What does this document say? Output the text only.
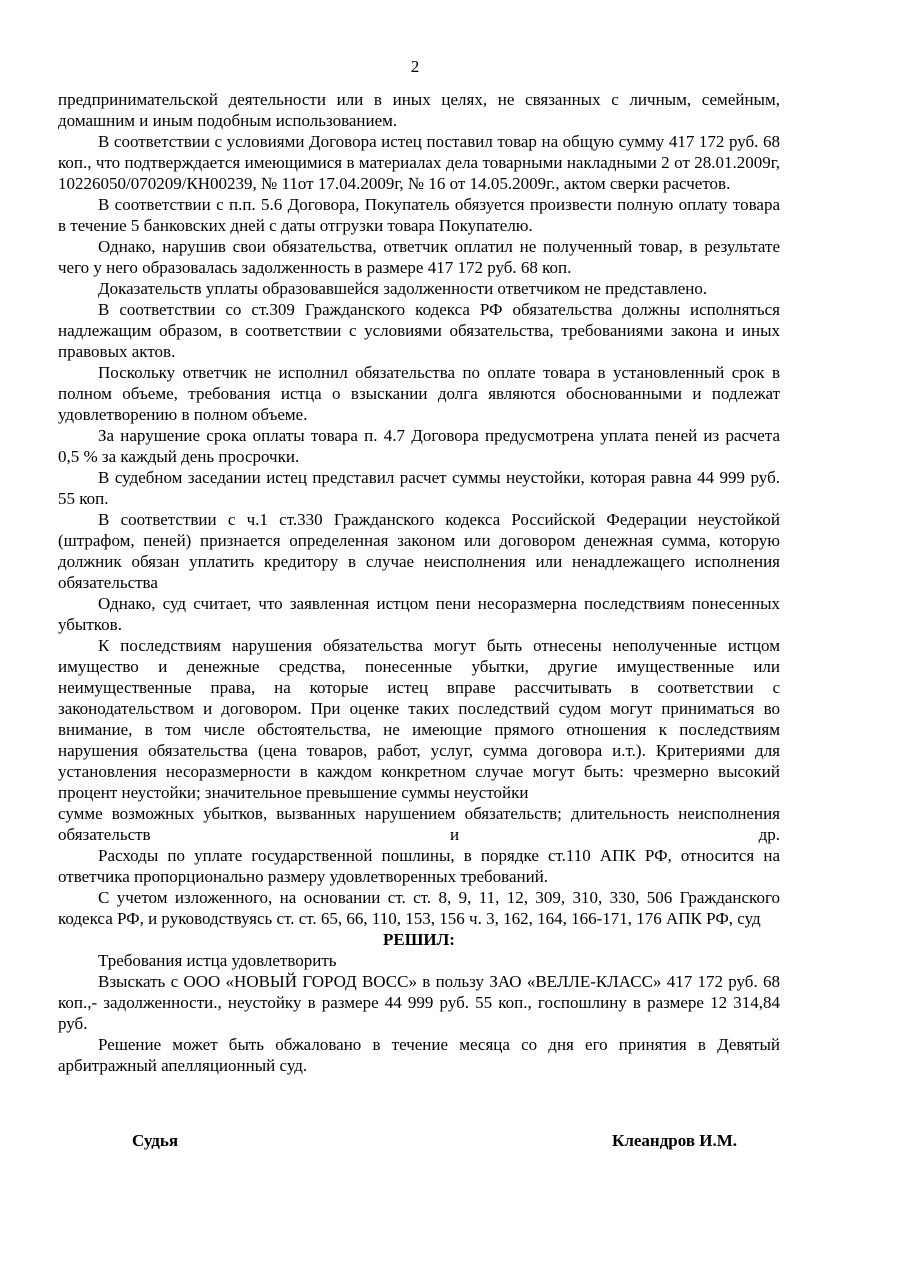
2

предпринимательской деятельности или в иных целях, не связанных с личным, семейным, домашним и иным подобным использованием.

В соответствии с условиями Договора истец поставил товар на общую сумму 417 172 руб. 68 коп., что подтверждается имеющимися в материалах дела товарными накладными 2 от 28.01.2009г, 10226050/070209/КН00239, № 11от 17.04.2009г, № 16 от 14.05.2009г., актом сверки расчетов.

В соответствии с п.п. 5.6 Договора, Покупатель обязуется произвести полную оплату товара в течение 5 банковских дней с даты отгрузки товара Покупателю.

Однако, нарушив свои обязательства, ответчик оплатил не полученный товар, в результате чего у него образовалась задолженность в размере 417 172 руб. 68 коп.

Доказательств уплаты образовавшейся задолженности ответчиком не представлено.

В соответствии со ст.309 Гражданского кодекса РФ обязательства должны исполняться надлежащим образом, в соответствии с условиями обязательства, требованиями закона и иных правовых актов.

Поскольку ответчик не исполнил обязательства по оплате товара в установленный срок в полном объеме, требования истца о взыскании долга являются обоснованными и подлежат удовлетворению в полном объеме.

За нарушение срока оплаты товара п. 4.7 Договора предусмотрена уплата пеней из расчета 0,5 % за каждый день просрочки.

В судебном заседании истец представил расчет суммы неустойки, которая равна 44 999 руб. 55 коп.

В соответствии с ч.1 ст.330 Гражданского кодекса Российской Федерации неустойкой (штрафом, пеней) признается определенная законом или договором денежная сумма, которую должник обязан уплатить кредитору в случае неисполнения или ненадлежащего исполнения обязательства

Однако, суд считает, что заявленная истцом пени несоразмерна последствиям понесенных убытков.

К последствиям нарушения обязательства могут быть отнесены неполученные истцом имущество и денежные средства, понесенные убытки, другие имущественные или неимущественные права, на которые истец вправе рассчитывать в соответствии с законодательством и договором. При оценке таких последствий судом могут приниматься во внимание, в том числе обстоятельства, не имеющие прямого отношения к последствиям нарушения обязательства (цена товаров, работ, услуг, сумма договора и.т.). Критериями для установления несоразмерности в каждом конкретном случае могут быть: чрезмерно высокий процент неустойки; значительное превышение суммы неустойки

сумме возможных убытков, вызванных нарушением обязательств; длительность неисполнения обязательств и др.

Расходы по уплате государственной пошлины, в порядке ст.110 АПК РФ, относится на ответчика пропорционально размеру удовлетворенных требований.

С учетом изложенного, на основании ст. ст. 8, 9, 11, 12, 309, 310, 330, 506 Гражданского кодекса РФ, и руководствуясь ст. ст. 65, 66, 110, 153, 156 ч. 3, 162, 164, 166-171, 176 АПК РФ, суд

РЕШИЛ:

Требования истца удовлетворить

Взыскать с ООО «НОВЫЙ ГОРОД ВОСС» в пользу ЗАО «ВЕЛЛЕ-КЛАСС» 417 172 руб. 68 коп.,- задолженности., неустойку в размере 44 999 руб. 55 коп., госпошлину в размере 12 314,84 руб.

Решение может быть обжаловано в течение месяца со дня его принятия в Девятый арбитражный апелляционный суд.

Судья	Клеандров И.М.
